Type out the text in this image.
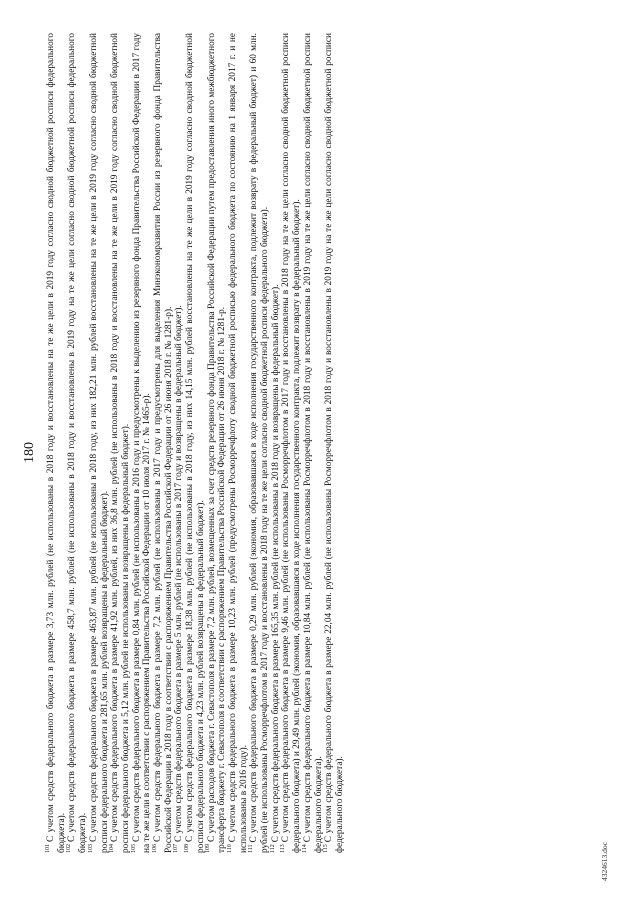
180

$^{101}$С учетом средств федерального бюджета в размере 3,73 млн. рублей (не использованы в 2018 году и восстановлены на те же цели в 2019 году согласно сводной бюджетной росписи федерального бюджета). $^{102}$С учетом средств федерального бюджета в размере 458,7 млн. рублей (не использованы в 2018 году и восстановлены в 2019 году на те же цели согласно сводной бюджетной росписи федерального бюджета). $^{103}$С учетом средств федерального бюджета в размере 463,87 млн. рублей (не использованы в 2018 году, из них 182,21 млн. рублей восстановлены на те же цели в 2019 году согласно сводной бюджетной росписи федерального бюджета и 281,65 млн. рублей возвращены в федеральный бюджет). $^{104}$С учетом средств федерального бюджета в размере 41,92 млн. рублей, из них 36,8 млн. рублей (не использованы в 2018 году и восстановлены на те же цели в 2019 году согласно сводной бюджетной росписи федерального бюджета и 5,12 млн. рублей не использованы и возвращены в федеральный бюджет). $^{105}$С учетом средств федерального бюджета в размере 0,84 млн. рублей (не использованы в 2016 году и предусмотрены к выделению из резервного фонда Правительства Российской Федерации в 2017 году на те же цели в соответствии с распоряжением Правительства Российской Федерации от 10 июля 2017 г. № 1465-р). $^{106}$С учетом средств федерального бюджета в размере 7,2 млн. рублей (не использованы в 2017 году и предусмотрены для выделения Минэкономразвития России из резервного фонда Правительства Российской Федерации в 2018 году в соответствии с распоряжением Правительства Российской Федерации от 26 июня 2018 г. № 1281-р). $^{107}$С учетом средств федерального бюджета в размере 5 млн. рублей (не использованы в 2017 году и возвращены в федеральный бюджет).

$^{108}$С учетом средств федерального бюджета в размере 18,38 млн. рублей (не использованы в 2018 году, из них 14,15 млн. рублей восстановлены на те же цели в 2019 году согласно сводной бюджетной росписи федерального бюджета и 4,23 млн. рублей возвращены в федеральный бюджет). $^{109}$С учетом расходов бюджета г. Севастополя в размере 7,2 млн. рублей, возмещенных за счет средств резервного фонда Правительства Российской Федерации путем предоставления иного межбюджетного трансферта бюджету г. Севастополя в соответствии с распоряжением Правительства Российской Федерации от 26 июня 2018 г. № 1281-р. $^{110}$С учетом средств федерального бюджета в размере 10,23 млн. рублей (предусмотрены Росморречфлоту сводной бюджетной росписью федерального бюджета по состоянию на 1 января 2017 г. и не использованы в 2016 году). $^{111}$С учетом средств федерального бюджета в размере 0,29 млн. рублей (экономия, образовавшаяся в ходе исполнения государственного контракта, подлежит возврату в федеральный бюджет) и 60 млн. рублей (не использованы Росморречфлотом в 2017 году и восстановлены в 2018 году на те же цели согласно сводной бюджетной росписи федерального бюджета). $^{112}$С учетом средств федерального бюджета в размере 165,35 млн. рублей (не использованы в 2018 году и возвращены в федеральный бюджет).

$^{113}$С учетом средств федерального бюджета в размере 9,46 млн. рублей (не использованы Росморречфлотом в 2017 году и восстановлены в 2018 году на те же цели согласно сводной бюджетной росписи федерального бюджета) и 29,49 млн. рублей (экономия, образовавшаяся в ходе исполнения государственного контракта, подлежит возврату в федеральный бюджет). $^{114}$С учетом средств федерального бюджета в размере 10,84 млн. рублей (не использованы Росморречфлотом в 2018 году и восстановлены в 2019 году на те же цели согласно сводной бюджетной росписи федерального бюджета). $^{115}$С учетом средств федерального бюджета в размере 22,04 млн. рублей (не использованы Росморречфлотом в 2018 году и восстановлены в 2019 году на те же цели согласно сводной бюджетной росписи федерального бюджета).

4324613.doc
